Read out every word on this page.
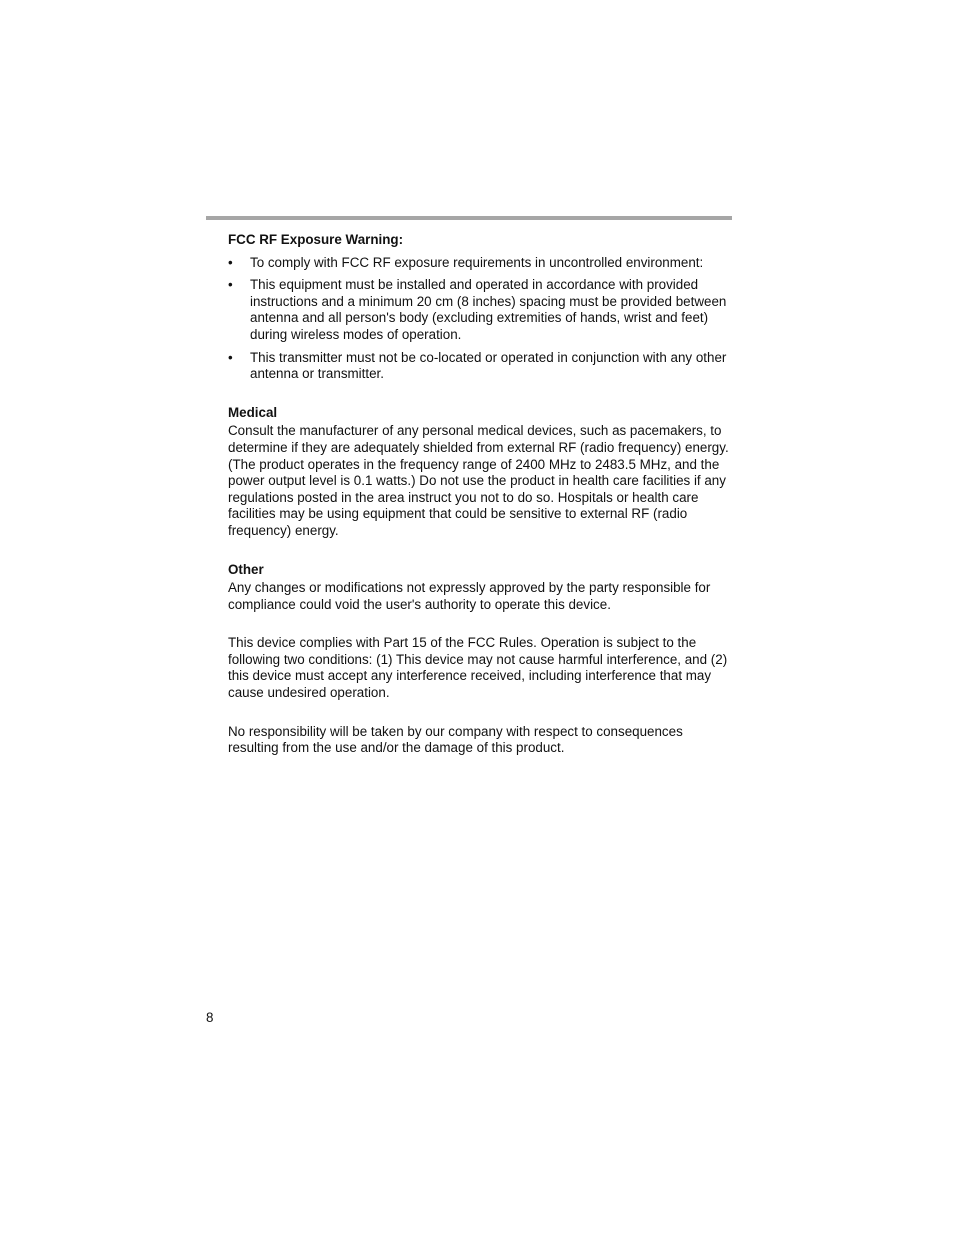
FCC RF Exposure Warning:

• To comply with FCC RF exposure requirements in uncontrolled environment:
• This equipment must be installed and operated in accordance with provided instructions and a minimum 20 cm (8 inches) spacing must be provided between antenna and all person's body (excluding extremities of hands, wrist and feet) during wireless modes of operation.
• This transmitter must not be co-located or operated in conjunction with any other antenna or transmitter.

Medical

Consult the manufacturer of any personal medical devices, such as pacemakers, to determine if they are adequately shielded from external RF (radio frequency) energy. (The product operates in the frequency range of 2400 MHz to 2483.5 MHz, and the power output level is 0.1 watts.) Do not use the product in health care facilities if any regulations posted in the area instruct you not to do so. Hospitals or health care facilities may be using equipment that could be sensitive to external RF (radio frequency) energy.

Other

Any changes or modifications not expressly approved by the party responsible for compliance could void the user's authority to operate this device.

This device complies with Part 15 of the FCC Rules. Operation is subject to the following two conditions: (1) This device may not cause harmful interference, and (2) this device must accept any interference received, including interference that may cause undesired operation.

No responsibility will be taken by our company with respect to consequences resulting from the use and/or the damage of this product.

8
